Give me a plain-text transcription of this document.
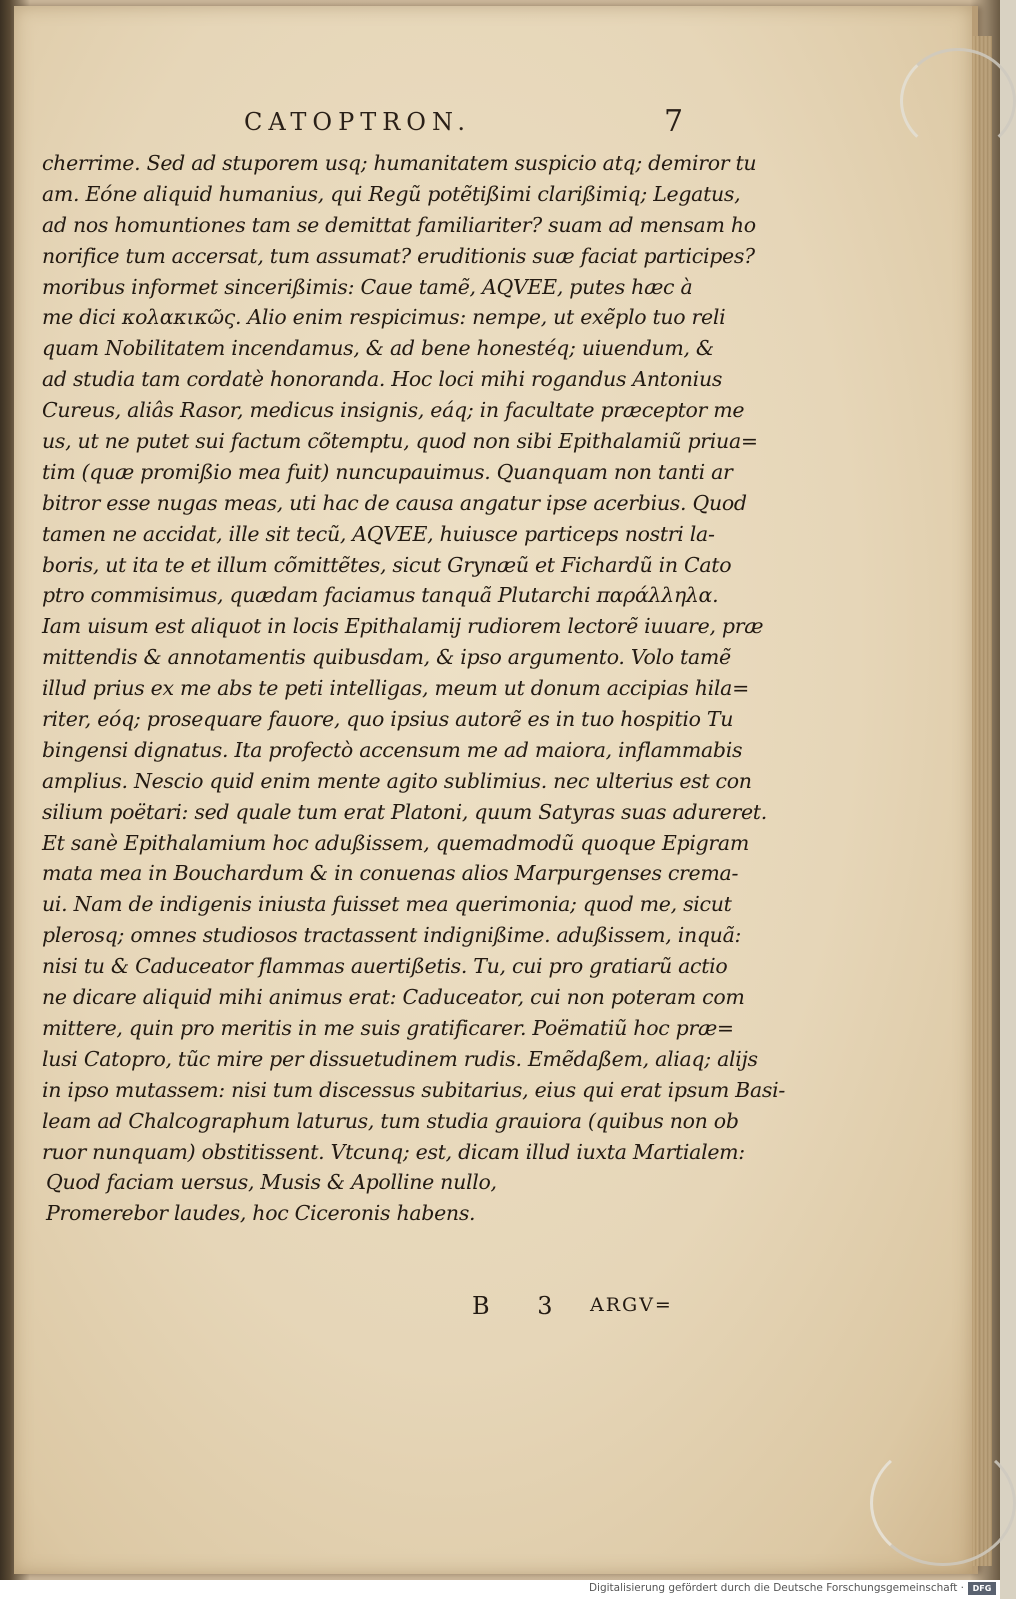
CATOPTRON.	7
cherrime. Sed ad stuporem usq; humanitatem suspicio atq; demiror tu
am. Eóne aliquid humanius, qui Regũ potẽtißimi clarißimiq; Legatus,
ad nos homuntiones tam se demittat familiariter? suam ad mensam ho
norifice tum accersat, tum assumat? eruditionis suæ faciat participes?
moribus informet sincerißimis: Caue tamẽ, AQVEE, putes hæc à
me dici κολακικῶς. Alio enim respicimus: nempe, ut exẽplo tuo reli
quam Nobilitatem incendamus, & ad bene honestéq; uiuendum, &
ad studia tam cordatè honoranda. Hoc loci mihi rogandus Antonius
Cureus, aliâs Rasor, medicus insignis, eáq; in facultate præceptor me
us, ut ne putet sui factum cõtemptu, quod non sibi Epithalamiũ priua=
tim (quæ promißio mea fuit) nuncupauimus. Quanquam non tanti ar
bitror esse nugas meas, uti hac de causa angatur ipse acerbius. Quod
tamen ne accidat, ille sit tecũ, AQVEE, huiusce particeps nostri la-
boris, ut ita te et illum cõmittẽtes, sicut Grynæũ et Fichardũ in Cato
ptro commisimus, quædam faciamus tanquã Plutarchi παράλληλα.
Iam uisum est aliquot in locis Epithalamij rudiorem lectorẽ iuuare, præ
mittendis & annotamentis quibusdam, & ipso argumento. Volo tamẽ
illud prius ex me abs te peti intelligas, meum ut donum accipias hila=
riter, eóq; prosequare fauore, quo ipsius autorẽ es in tuo hospitio Tu
bingensi dignatus. Ita profectò accensum me ad maiora, inflammabis
amplius. Nescio quid enim mente agito sublimius. nec ulterius est con
silium poëtari: sed quale tum erat Platoni, quum Satyras suas adureret.
Et sanè Epithalamium hoc adußissem, quemadmodũ quoque Epigram
mata mea in Bouchardum & in conuenas alios Marpurgenses crema-
ui. Nam de indigenis iniusta fuisset mea querimonia; quod me, sicut
plerosq; omnes studiosos tractassent indignißime. adußissem, inquã:
nisi tu & Caduceator flammas auertißetis. Tu, cui pro gratiarũ actio
ne dicare aliquid mihi animus erat: Caduceator, cui non poteram com
mittere, quin pro meritis in me suis gratificarer. Poëmatiũ hoc præ=
lusi Catopro, tũc mire per dissuetudinem rudis. Emẽdaßem, aliaq; alijs
in ipso mutassem: nisi tum discessus subitarius, eius qui erat ipsum Basi-
leam ad Chalcographum laturus, tum studia grauiora (quibus non ob
ruor nunquam) obstitissent. Vtcunq; est, dicam illud iuxta Martialem:
Quod faciam uersus, Musis & Apolline nullo,
Promerebor laudes, hoc Ciceronis habens.
B 3 ARGV=
Digitalisierung gefördert durch die Deutsche Forschungsgemeinschaft ·	DFG
